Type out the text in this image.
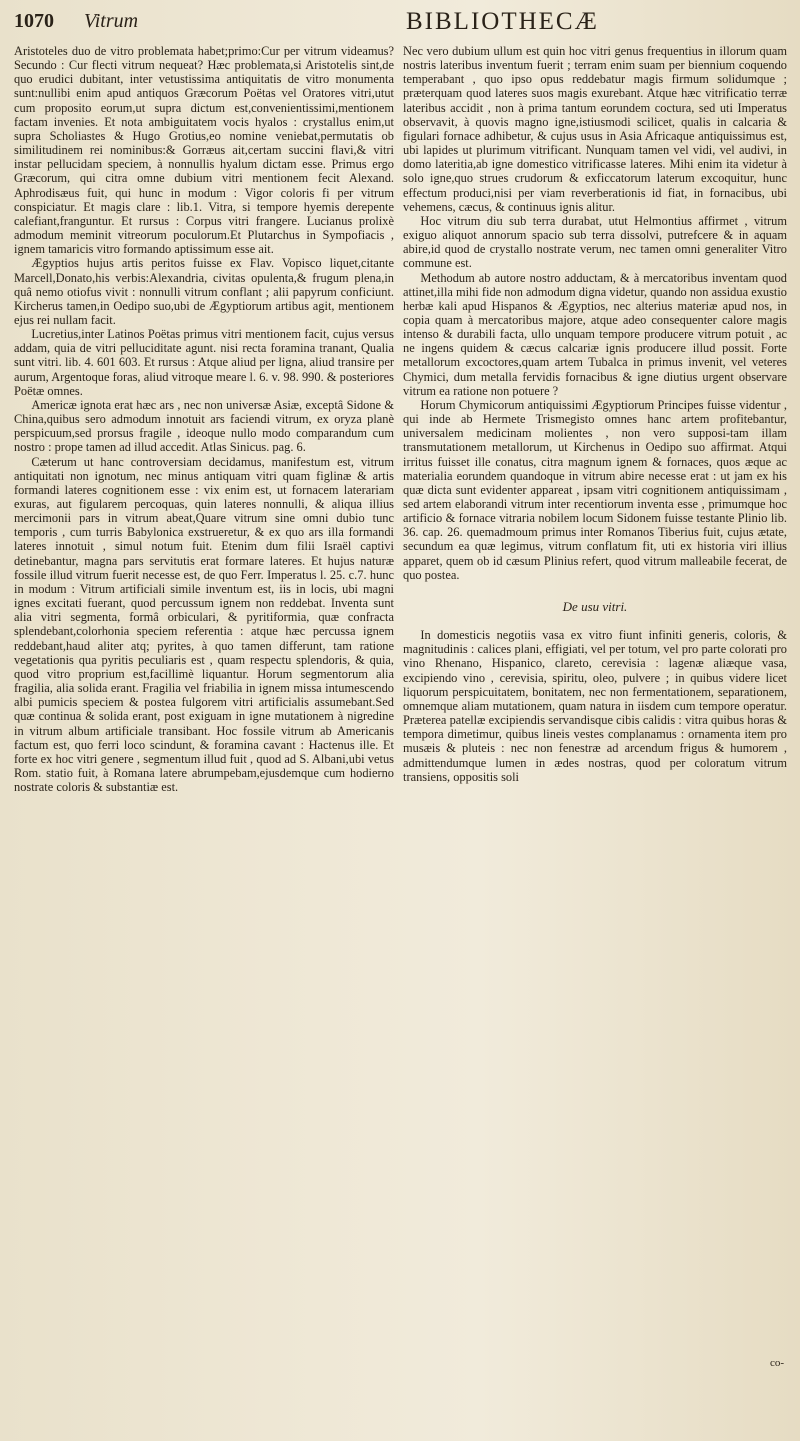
1070 Vitrum	BIBLIOTHECÆ

Aristoteles duo de vitro problemata habet;primo:Cur per vitrum videamus? Secundo : Cur flecti vitrum nequeat? Hæc problemata,si Aristotelis sint,de quo erudici dubitant, inter vetustissima antiquitatis de vitro monumenta sunt:nullibi enim apud antiquos Græcorum Poëtas vel Oratores vitri,utut cum proposito eorum,ut supra dictum est,convenientissimi,mentionem factam invenies. Et nota ambiguitatem vocis hyalos : crystallus enim,ut supra Scholiastes & Hugo Grotius,eo nomine veniebat,permutatis ob similitudinem rei nominibus:& Gorræus ait,certam succini flavi,& vitri instar pellucidam speciem, à nonnullis hyalum dictam esse. Primus ergo Græcorum, qui citra omne dubium vitri mentionem fecit Alexand. Aphrodisæus fuit, qui hunc in modum : Vigor coloris fi per vitrum conspiciatur. Et magis clare : lib.1. Vitra, si tempore hyemis derepente calefiant,franguntur. Et rursus : Corpus vitri frangere. Lucianus prolixè admodum meminit vitreorum poculorum.Et Plutarchus in Sympofiacis , ignem tamaricis vitro formando aptissimum esse ait.

Ægyptios hujus artis peritos fuisse ex Flav. Vopisco liquet,citante Marcell,Donato,his verbis:Alexandria, civitas opulenta,& frugum plena,in quâ nemo otiofus vivit : nonnulli vitrum conflant ; alii papyrum conficiunt. Kircherus tamen,in Oedipo suo,ubi de Ægyptiorum artibus agit, mentionem ejus rei nullam facit.

Lucretius,inter Latinos Poëtas primus vitri mentionem facit, cujus versus addam, quia de vitri pelluciditate agunt. nisi recta foramina tranant, Qualia sunt vitri. lib. 4. 601 603. Et rursus : Atque aliud per ligna, aliud transire per aurum, Argentoque foras, aliud vitroque meare l. 6. v. 98. 990. & posteriores Poëtæ omnes.

Americæ ignota erat hæc ars , nec non universæ Asiæ, exceptâ Sidone & China,quibus sero admodum innotuit ars faciendi vitrum, ex oryza planè perspicuum,sed prorsus fragile , ideoque nullo modo comparandum cum nostro : prope tamen ad illud accedit. Atlas Sinicus. pag. 6.

Cæterum ut hanc controversiam decidamus, manifestum est, vitrum antiquitati non ignotum, nec minus antiquam vitri quam figlinæ & artis formandi lateres cognitionem esse : vix enim est, ut fornacem laterariam exuras, aut figularem percoquas, quin lateres nonnulli, & aliqua illius mercimonii pars in vitrum abeat,Quare vitrum sine omni dubio tunc temporis , cum turris Babylonica exstrueretur, & ex quo ars illa formandi lateres innotuit , simul notum fuit. Etenim dum filii Israël captivi detinebantur, magna pars servitutis erat formare lateres. Et hujus naturæ fossile illud vitrum fuerit necesse est, de quo Ferr. Imperatus l. 25. c.7. hunc in modum : Vitrum artificiali simile inventum est, iis in locis, ubi magni ignes excitati fuerant, quod percussum ignem non reddebat. Inventa sunt alia vitri segmenta, formâ orbiculari, & pyritiformia, quæ confracta splendebant,colorhonia speciem referentia : atque hæc percussa ignem reddebant,haud aliter atq; pyrites, à quo tamen differunt, tam ratione vegetationis qua pyritis peculiaris est , quam respectu splendoris, & quia, quod vitro proprium est,facillimè liquantur. Horum segmentorum alia fragilia, alia solida erant. Fragilia vel friabilia in ignem missa intumescendo albi pumicis speciem & postea fulgorem vitri artificialis assumebant.Sed quæ continua & solida erant, post exiguam in igne mutationem à nigredine in vitrum album artificiale transibant. Hoc fossile vitrum ab Americanis factum est, quo ferri loco scindunt, & foramina cavant : Hactenus ille. Et forte ex hoc vitri genere , segmentum illud fuit , quod ad S. Albani,ubi vetus Rom. statio fuit, à Romana latere abrumpebam,ejusdemque cum hodierno nostrate coloris & substantiæ est.

Nec vero dubium ullum est quin hoc vitri genus frequentius in illorum quam nostris lateribus inventum fuerit ; terram enim suam per biennium coquendo temperabant , quo ipso opus reddebatur magis firmum solidumque ; præterquam quod lateres suos magis exurebant. Atque hæc vitrificatio terræ lateribus accidit , non à prima tantum eorundem coctura, sed uti Imperatus observavit, à quovis magno igne,istiusmodi scilicet, qualis in calcaria & figulari fornace adhibetur, & cujus usus in Asia Africaque antiquissimus est, ubi lapides ut plurimum vitrificant. Nunquam tamen vel vidi, vel audivi, in domo lateritia,ab igne domestico vitrificasse lateres. Mihi enim ita videtur à solo igne,quo strues crudorum & exficcatorum laterum excoquitur, hunc effectum produci,nisi per viam reverberationis id fiat, in fornacibus, ubi vehemens, cæcus, & continuus ignis alitur.

Hoc vitrum diu sub terra durabat, utut Helmontius affirmet , vitrum exiguo aliquot annorum spacio sub terra dissolvi, putrefcere & in aquam abire,id quod de crystallo nostrate verum, nec tamen omni generaliter Vitro commune est.

Methodum ab autore nostro adductam, & à mercatoribus inventam quod attinet,illa mihi fide non admodum digna videtur, quando non assidua exustio herbæ kali apud Hispanos & Ægyptios, nec alterius materiæ apud nos, in copia quam à mercatoribus majore, atque adeo consequenter calore magis intenso & durabili facta, ullo unquam tempore producere vitrum potuit , ac ne ingens quidem & cæcus calcariæ ignis producere illud possit. Forte metallorum excoctores,quam artem Tubalca in primus invenit, vel veteres Chymici, dum metalla fervidis fornacibus & igne diutius urgent observare vitrum ea ratione non potuere ?

Horum Chymicorum antiquissimi Ægyptiorum Principes fuisse videntur , qui inde ab Hermete Trismegisto omnes hanc artem profitebantur, universalem medicinam molientes , non vero supposi-tam illam transmutationem metallorum, ut Kirchenus in Oedipo suo affirmat. Atqui irritus fuisset ille conatus, citra magnum ignem & fornaces, quos æque ac materialia eorundem quandoque in vitrum abire necesse erat : ut jam ex his quæ dicta sunt evidenter appareat , ipsam vitri cognitionem antiquissimam , sed artem elaborandi vitrum inter recentiorum inventa esse , primumque hoc artificio & fornace vitraria nobilem locum Sidonem fuisse testante Plinio lib. 36. cap. 26. quemadmoum primus inter Romanos Tiberius fuit, cujus ætate, secundum ea quæ legimus, vitrum conflatum fit, uti ex historia viri illius apparet, quem ob id cæsum Plinius refert, quod vitrum malleabile fecerat, de quo postea.

De usu vitri.

In domesticis negotiis vasa ex vitro fiunt infiniti generis, coloris, & magnitudinis : calices plani, effigiati, vel per totum, vel pro parte colorati pro vino Rhenano, Hispanico, clareto, cerevisia : lagenæ aliæque vasa, excipiendo vino , cerevisia, spiritu, oleo, pulvere ; in quibus videre licet liquorum perspicuitatem, bonitatem, nec non fermentationem, separationem, omnemque aliam mutationem, quam natura in iisdem cum tempore operatur. Præterea patellæ excipiendis servandisque cibis calidis : vitra quibus horas & tempora dimetimur, quibus lineis vestes complanamus : ornamenta item pro musæis & pluteis : nec non fenestræ ad arcendum frigus & humorem , admittendumque lumen in ædes nostras, quod per coloratum vitrum transiens, oppositis soli

co-
